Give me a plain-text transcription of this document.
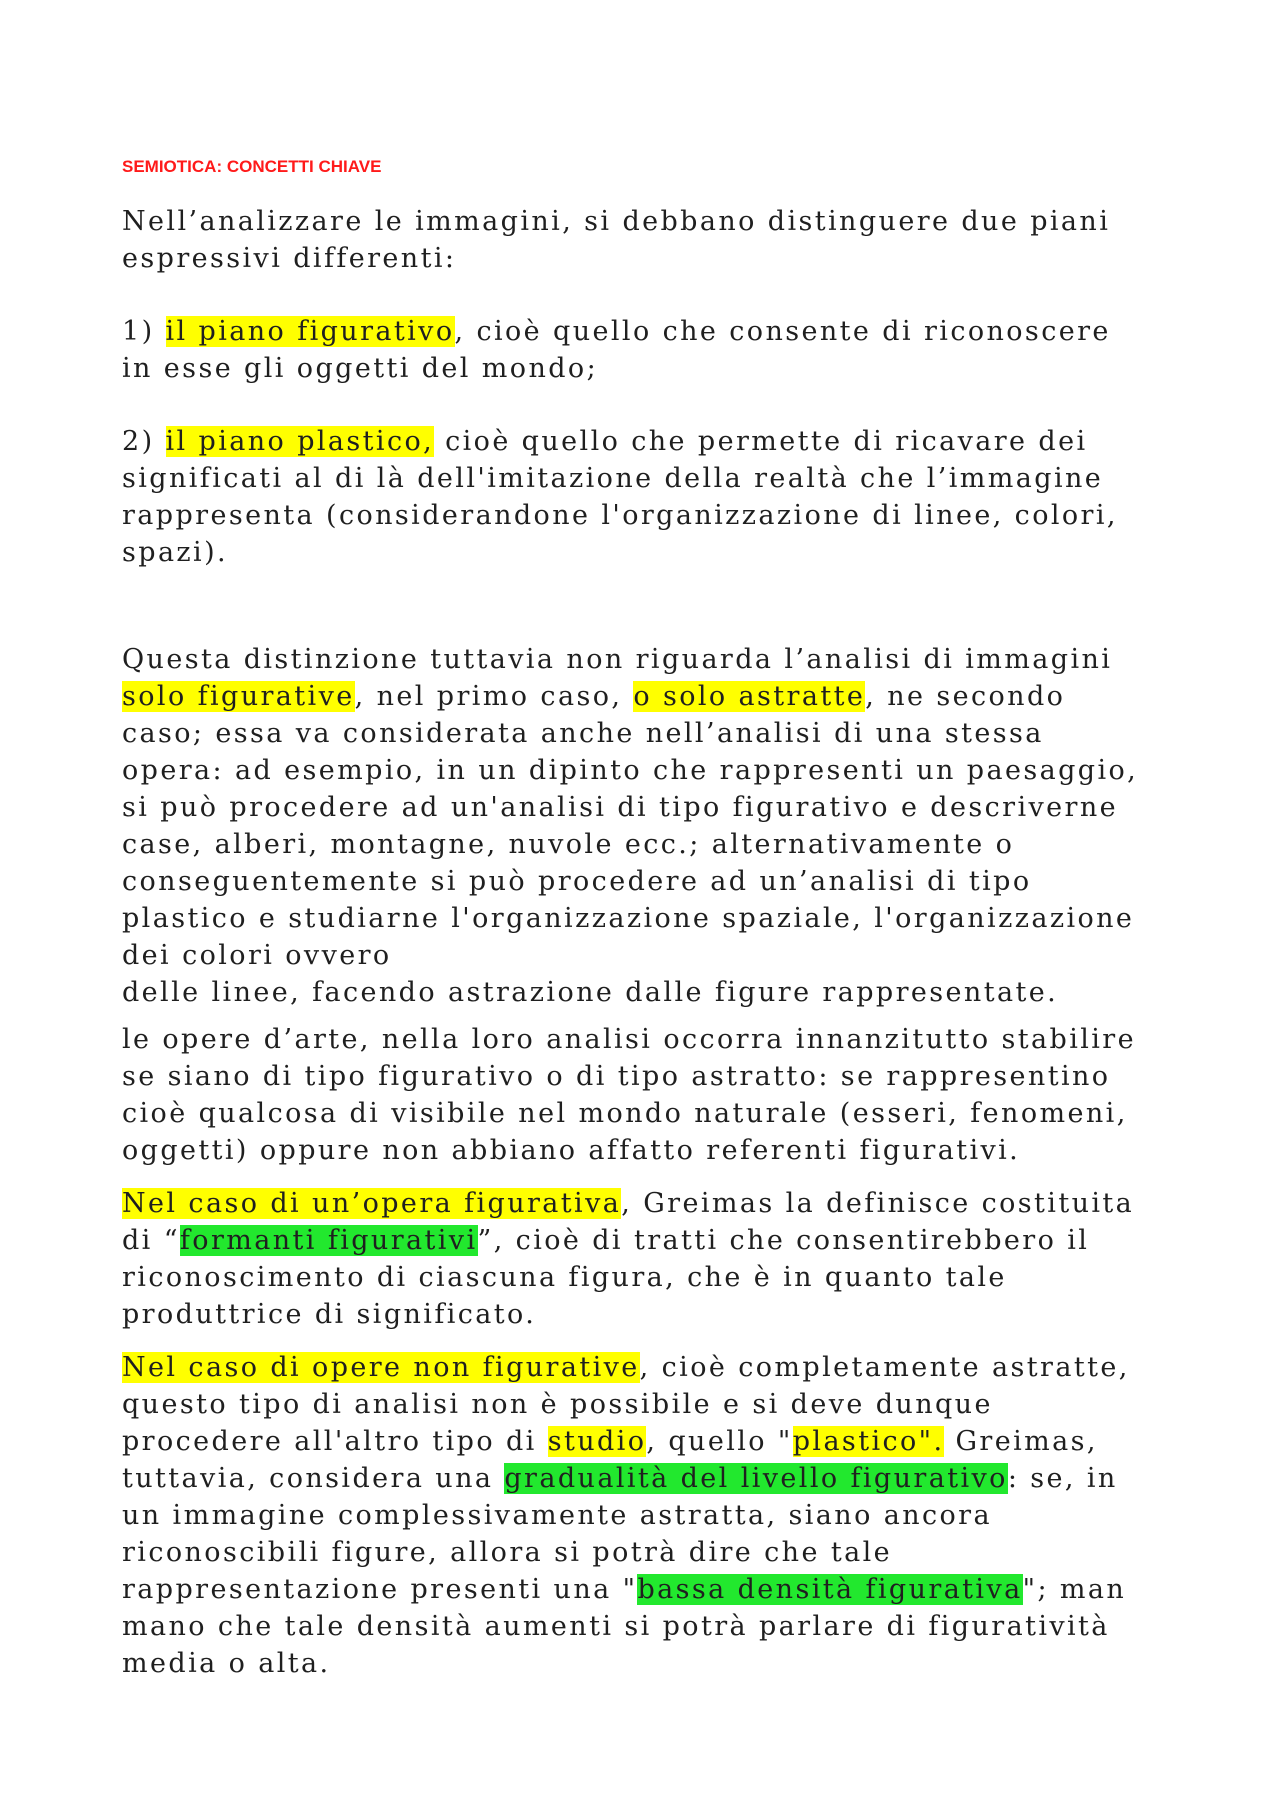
SEMIOTICA: CONCETTI CHIAVE
Nell’analizzare le immagini, si debbano distinguere due piani
espressivi differenti:
1) il piano figurativo, cioè quello che consente di riconoscere
in esse gli oggetti del mondo;
2) il piano plastico, cioè quello che permette di ricavare dei
significati al di là dell'imitazione della realtà che l’immagine
rappresenta (considerandone l'organizzazione di linee, colori,
spazi).
Questa distinzione tuttavia non riguarda l’analisi di immagini
solo figurative, nel primo caso, o solo astratte, ne secondo
caso; essa va considerata anche nell’analisi di una stessa
opera: ad esempio, in un dipinto che rappresenti un paesaggio,
si può procedere ad un'analisi di tipo figurativo e descriverne
case, alberi, montagne, nuvole ecc.; alternativamente o
conseguentemente si può procedere ad un’analisi di tipo
plastico e studiarne l'organizzazione spaziale, l'organizzazione
dei colori ovvero
delle linee, facendo astrazione dalle figure rappresentate.
le opere d’arte, nella loro analisi occorra innanzitutto stabilire
se siano di tipo figurativo o di tipo astratto: se rappresentino
cioè qualcosa di visibile nel mondo naturale (esseri, fenomeni,
oggetti) oppure non abbiano affatto referenti figurativi.
Nel caso di un’opera figurativa, Greimas la definisce costituita
di “formanti figurativi”, cioè di tratti che consentirebbero il
riconoscimento di ciascuna figura, che è in quanto tale
produttrice di significato.
Nel caso di opere non figurative, cioè completamente astratte,
questo tipo di analisi non è possibile e si deve dunque
procedere all'altro tipo di studio, quello "plastico". Greimas,
tuttavia, considera una gradualità del livello figurativo: se, in
un immagine complessivamente astratta, siano ancora
riconoscibili figure, allora si potrà dire che tale
rappresentazione presenti una "bassa densità figurativa"; man
mano che tale densità aumenti si potrà parlare di figuratività
media o alta.
